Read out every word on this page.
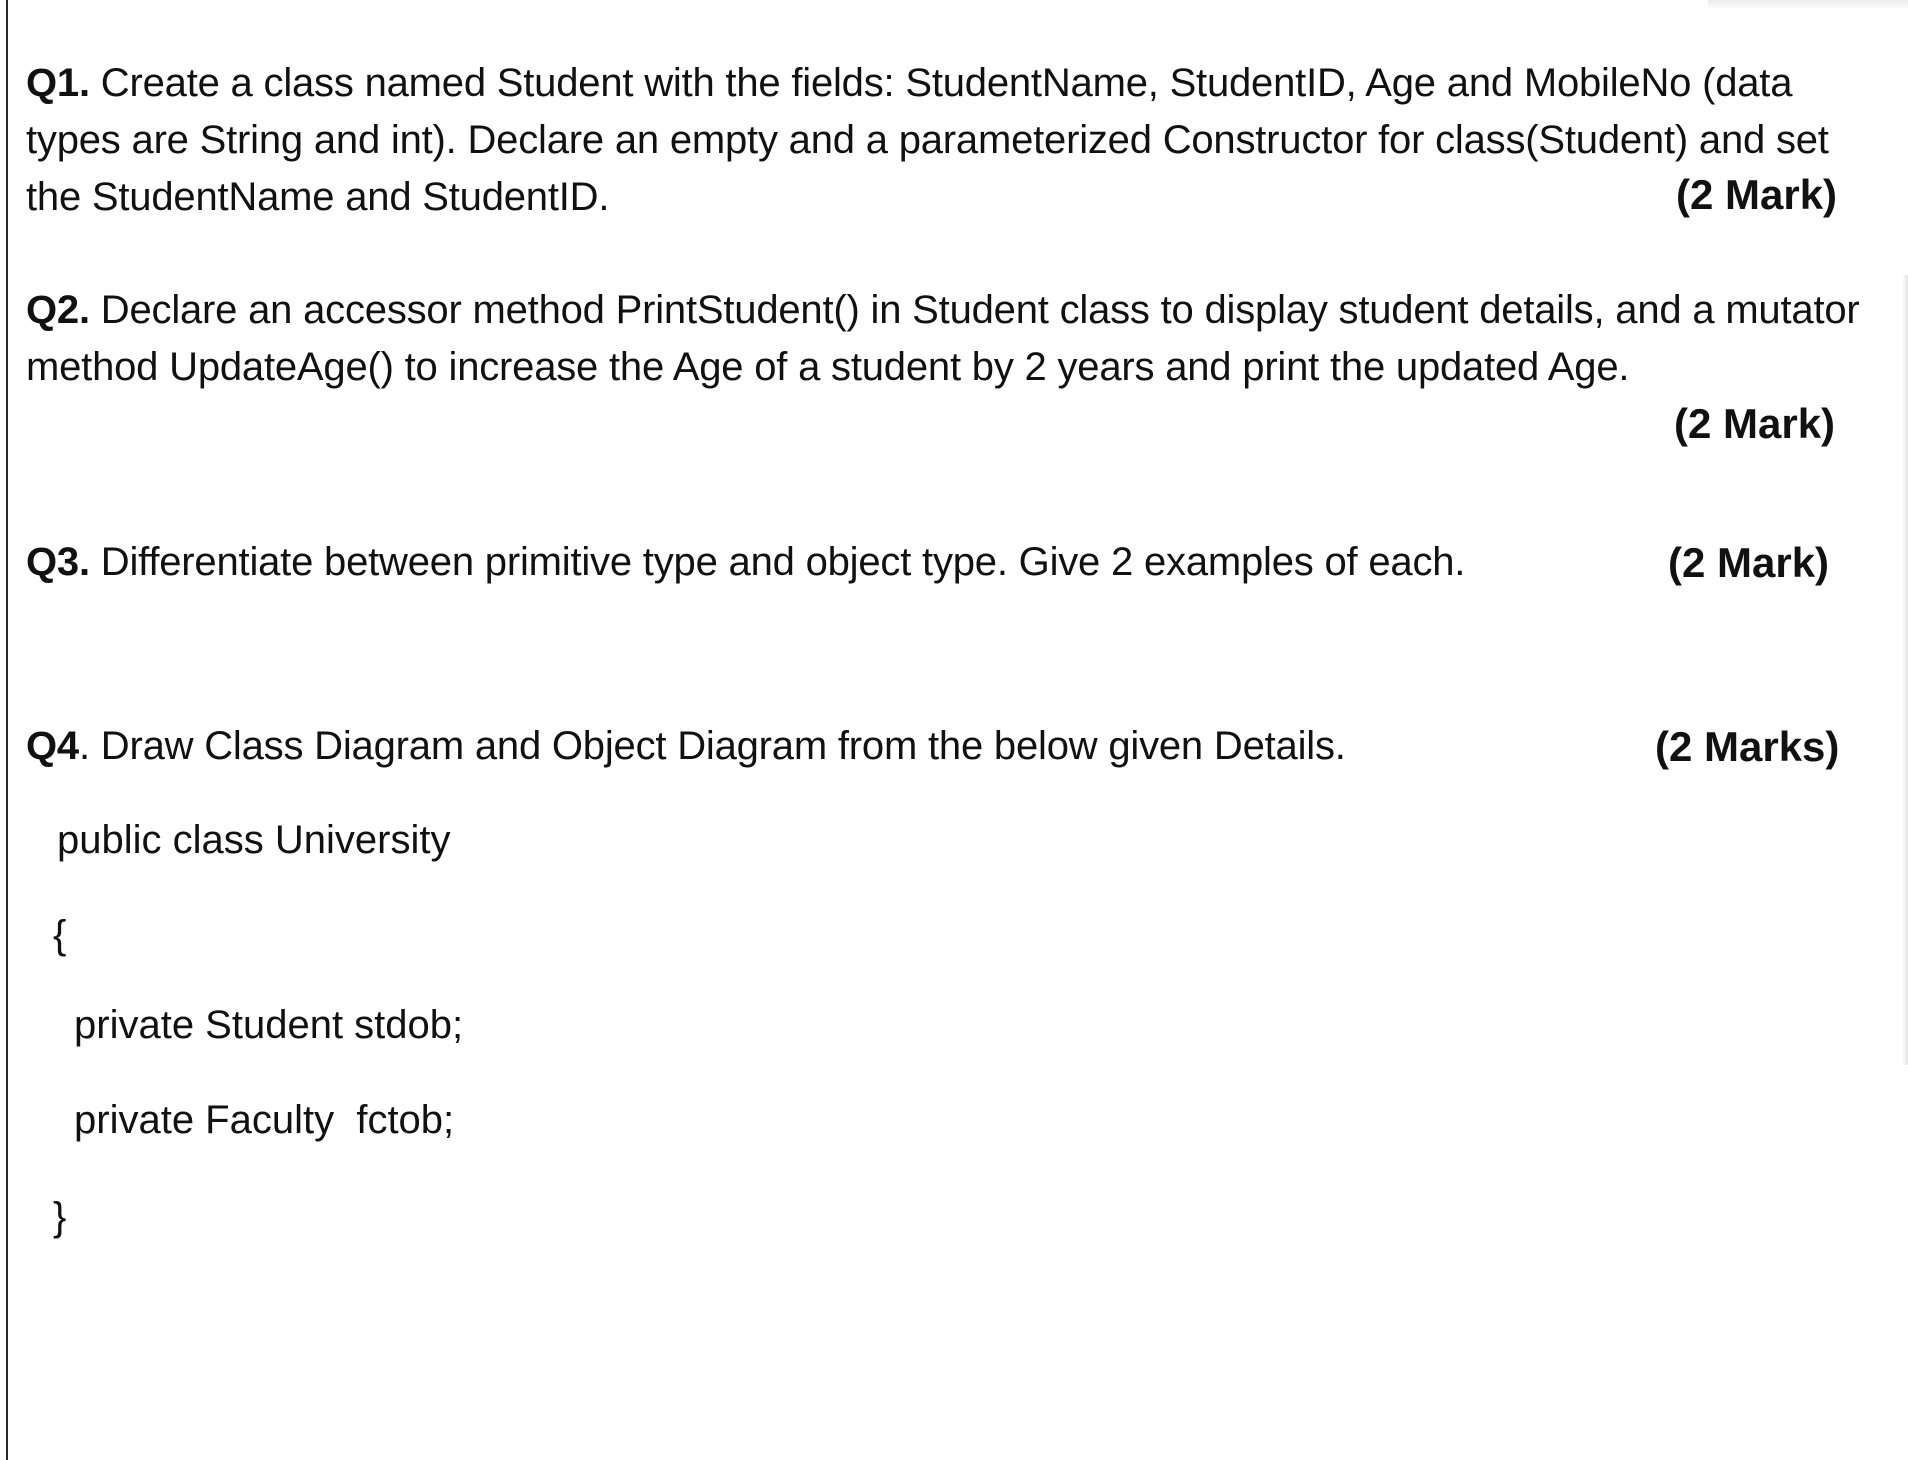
Q1. Create a class named Student with the fields: StudentName, StudentID, Age and MobileNo (data types are String and int). Declare an empty and a parameterized Constructor for class(Student) and set the StudentName and StudentID.	(2 Mark)
Q2. Declare an accessor method PrintStudent() in Student class to display student details, and a mutator method UpdateAge() to increase the Age of a student by 2 years and print the updated Age.
(2 Mark)
Q3. Differentiate between primitive type and object type. Give 2 examples of each.	(2 Mark)
Q4. Draw Class Diagram and Object Diagram from the below given Details.	(2 Marks)
public class University
{
private Student stdob;
private Faculty  fctob;
}
